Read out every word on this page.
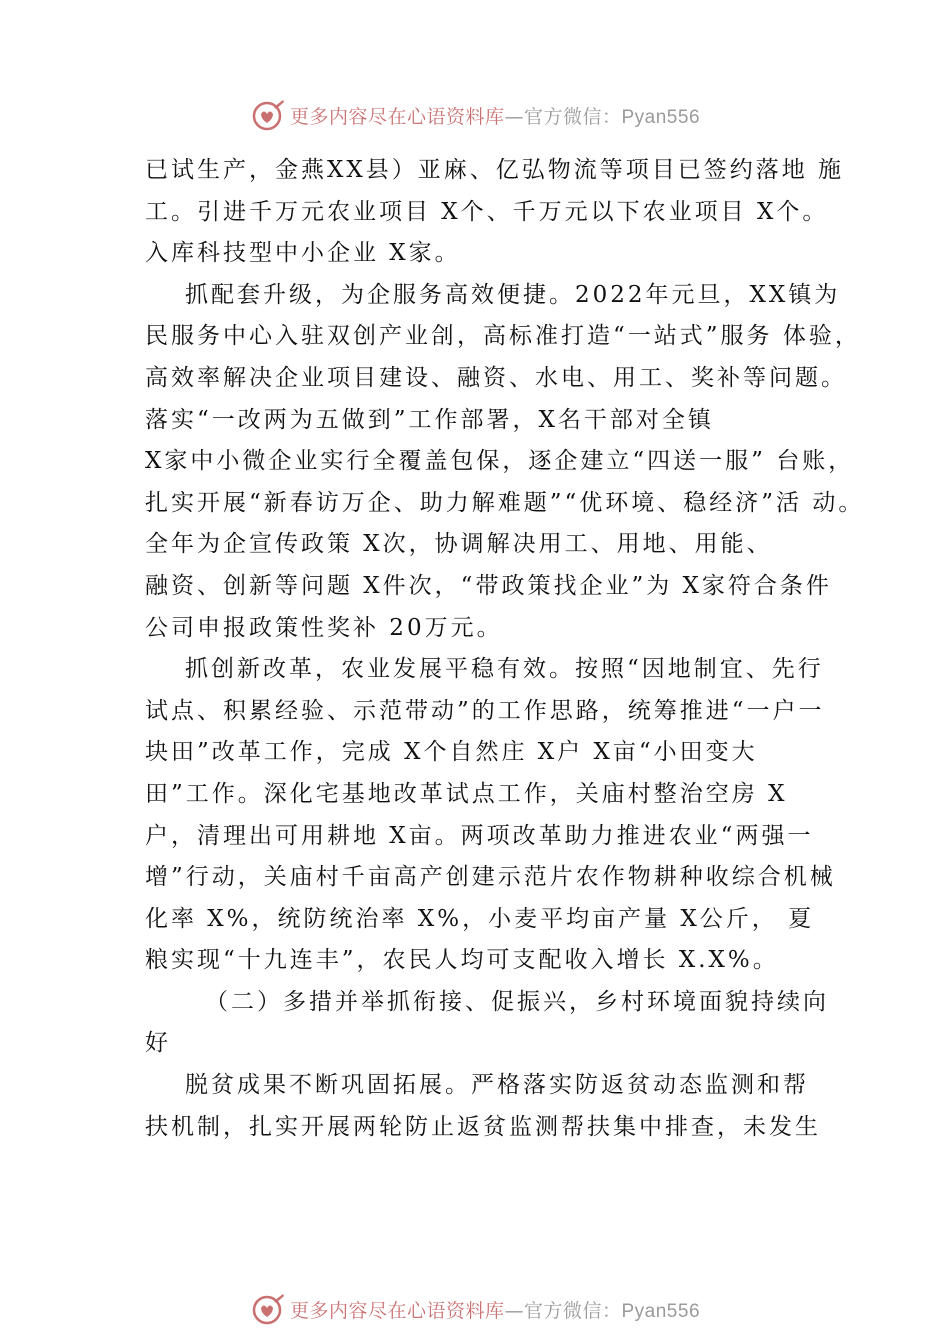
更多内容尽在心语资料库—官方微信：Pyan556
已试生产，金燕XX县）亚麻、亿弘物流等项目已签约落地 施
工。引进千万元农业项目 X个、千万元以下农业项目 X个。
入库科技型中小企业 X家。
抓配套升级，为企服务高效便捷。2022年元旦，XX镇为
民服务中心入驻双创产业㓣，高标准打造“一站式”服务 体验，
高效率解决企业项目建设、融资、水电、用工、奖补等问题。
落实“一改两为五做到”工作部署，X名干部对全镇
X家中小微企业实行全覆盖包保，逐企建立“四送一服” 台账，
扎实开展“新春访万企、助力解难题”“优环境、稳经济”活 动。
全年为企宣传政策 X次，协调解决用工、用地、用能、
融资、创新等问题 X件次，“带政策找企业”为 X家符合条件
公司申报政策性奖补 20万元。
抓创新改革，农业发展平稳有效。按照“因地制宜、先行
试点、积累经验、示范带动”的工作思路，统筹推进“一户一
块田”改革工作，完成 X个自然庄 X户 X亩“小田变大
田”工作。深化宅基地改革试点工作，关庙村整治空房 X
户，清理出可用耕地 X亩。两项改革助力推进农业“两强一
增”行动，关庙村千亩高产创建示范片农作物耕种收综合机械
化率 X%，统防统治率 X%，小麦平均亩产量 X公斤， 夏
粮实现“十九连丰”，农民人均可支配收入增长 X.X%。
（二）多措并举抓衔接、促振兴，乡村环境面貌持续向
好
脱贫成果不断巩固拓展。严格落实防返贫动态监测和帮
扶机制，扎实开展两轮防止返贫监测帮扶集中排查，未发生
更多内容尽在心语资料库—官方微信：Pyan556
